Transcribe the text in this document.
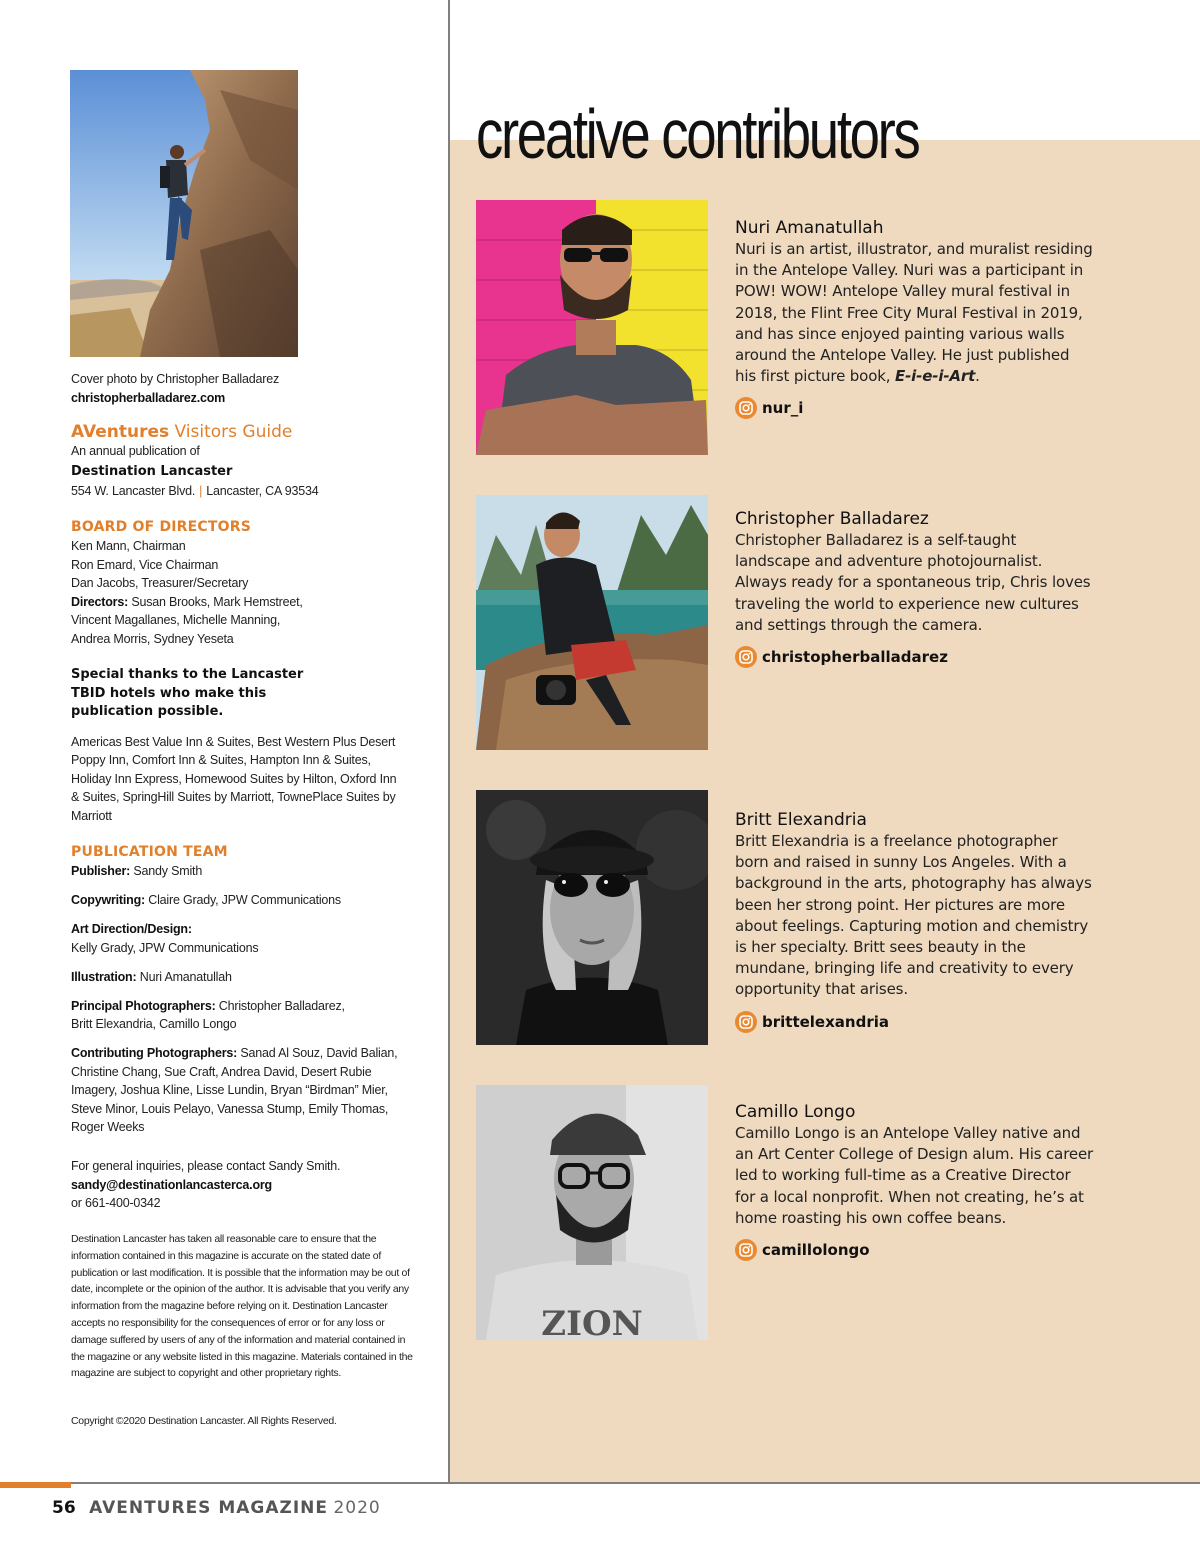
Cover photo by Christopher Balladarez
christopherballadarez.com
AVentures Visitors Guide
An annual publication of
Destination Lancaster
554 W. Lancaster Blvd. | Lancaster, CA 93534
BOARD OF DIRECTORS
Ken Mann, Chairman
Ron Emard, Vice Chairman
Dan Jacobs, Treasurer/Secretary
Directors: Susan Brooks, Mark Hemstreet, Vincent Magallanes, Michelle Manning, Andrea Morris, Sydney Yeseta
Special thanks to the Lancaster TBID hotels who make this publication possible.
Americas Best Value Inn & Suites, Best Western Plus Desert Poppy Inn, Comfort Inn & Suites, Hampton Inn & Suites, Holiday Inn Express, Homewood Suites by Hilton, Oxford Inn & Suites, SpringHill Suites by Marriott, TownePlace Suites by Marriott
PUBLICATION TEAM

Publisher: Sandy Smith

Copywriting: Claire Grady, JPW Communications

Art Direction/Design:
Kelly Grady, JPW Communications

Illustration: Nuri Amanatullah

Principal Photographers: Christopher Balladarez, Britt Elexandria, Camillo Longo

Contributing Photographers: Sanad Al Souz, David Balian, Christine Chang, Sue Craft, Andrea David, Desert Rubie Imagery, Joshua Kline, Lisse Lundin, Bryan “Birdman” Mier, Steve Minor, Louis Pelayo, Vanessa Stump, Emily Thomas, Roger Weeks

For general inquiries, please contact Sandy Smith.
sandy@destinationlancasterca.org
or 661-400-0342
Destination Lancaster has taken all reasonable care to ensure that the information contained in this magazine is accurate on the stated date of publication or last modification. It is possible that the information may be out of date, incomplete or the opinion of the author. It is advisable that you verify any information from the magazine before relying on it. Destination Lancaster accepts no responsibility for the consequences of error or for any loss or damage suffered by users of any of the information and material contained in the magazine or any website listed in this magazine. Materials contained in the magazine are subject to copyright and other proprietary rights.
Copyright ©2020 Destination Lancaster. All Rights Reserved.
creative contributors
Nuri Amanatullah
Nuri is an artist, illustrator, and muralist residing in the Antelope Valley. Nuri was a participant in POW! WOW! Antelope Valley mural festival in 2018, the Flint Free City Mural Festival in 2019, and has since enjoyed painting various walls around the Antelope Valley. He just published his first picture book, E-i-e-i-Art.
nur_i
Christopher Balladarez
Christopher Balladarez is a self-taught landscape and adventure photojournalist. Always ready for a spontaneous trip, Chris loves traveling the world to experience new cultures and settings through the camera.
christopherballadarez
Britt Elexandria
Britt Elexandria is a freelance photographer born and raised in sunny Los Angeles. With a background in the arts, photography has always been her strong point. Her pictures are more about feelings. Capturing motion and chemistry is her specialty. Britt sees beauty in the mundane, bringing life and creativity to every opportunity that arises.
brittelexandria
ZION
Camillo Longo
Camillo Longo is an Antelope Valley native and an Art Center College of Design alum. His career led to working full-time as a Creative Director for a local nonprofit. When not creating, he’s at home roasting his own coffee beans.
camillolongo
56 AVENTURES MAGAZINE 2020
